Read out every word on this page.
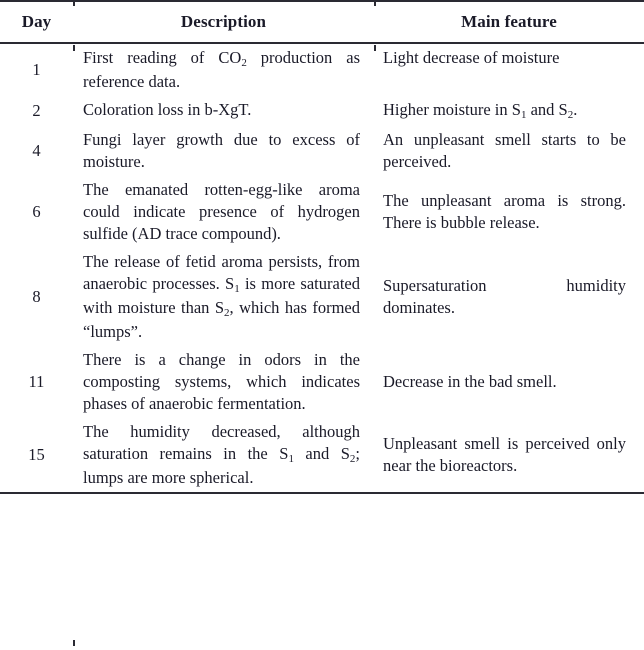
Day	Description	Main feature
1	First reading of $CO_2$ production as reference data.	Light decrease of moisture
2	Coloration loss in b-XgT.	Higher moisture in $S_1$ and $S_2$.
4	Fungi layer growth due to excess of moisture.	An unpleasant smell starts to be perceived.
6	The emanated rotten-egg-like aroma could indicate presence of hydrogen sulfide (AD trace compound).	The unpleasant aroma is strong. There is bubble release.
8	The release of fetid aroma persists, from anaerobic processes. $S_1$ is more saturated with moisture than $S_2$, which has formed “lumps”.	Supersaturation humidity dominates.
11	There is a change in odors in the composting systems, which indicates phases of anaerobic fermentation.	Decrease in the bad smell.
15	The humidity decreased, although saturation remains in the $S_1$ and $S_2$; lumps are more spherical.	Unpleasant smell is perceived only near the bioreactors.
